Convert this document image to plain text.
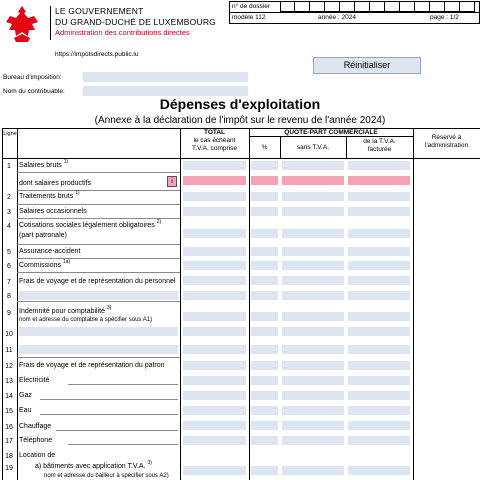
LE GOUVERNEMENT
DU GRAND-DUCHÉ DE LUXEMBOURG
Administration des contributions directes
https://impotsdirects.public.lu
n° de dossier
modèle 112	année : 2024	page : 1/2
Réinitialiser
Bureau d'imposition:
Nom du contribuable:
Dépenses d'exploitation
(Annexe à la déclaration de l'impôt sur le revenu de l'année 2024)
Ligne	TOTAL
le cas échéant
T.V.A. comprise
QUOTE-PART COMMERCIALE
%	sans T.V.A.
de la T.V.A.
facturée
Réservé à
l'administration
1	Salaires bruts $^{1)}$
dont salaires productifs	i
2	Traitements bruts $^{1)}$
3	Salaires occasionnels
4	Cotisations sociales légalement obligatoires $^{2)}$
(part patronale)
5	Assurance-accident
6	Commissions $^{1a)}$
7	Frais de voyage et de représentation du personnel
8
9	Indemnité pour comptabilité $^{3)}$
nom et adresse du comptable à spécifier sous A1)
10
11
12 Frais de voyage et de représentation du patron
13 Electricité
14 Gaz
15 Eau
16 Chauffage
17 Téléphone
18 Location de
19	a) bâtiments avec application T.V.A. $^{3)}$
nom et adresse du bailleur à spécifier sous A2)
